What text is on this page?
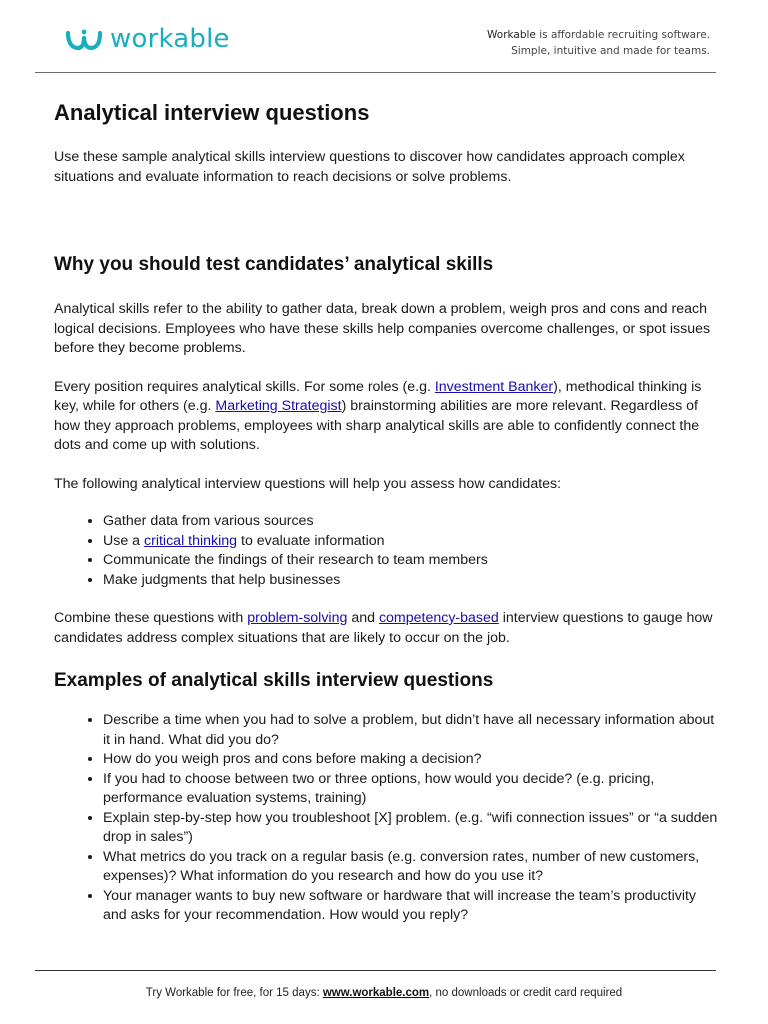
workable	Workable is affordable recruiting software.
Simple, intuitive and made for teams.
Analytical interview questions

Use these sample analytical skills interview questions to discover how candidates approach complex situations and evaluate information to reach decisions or solve problems.

Why you should test candidates’ analytical skills

Analytical skills refer to the ability to gather data, break down a problem, weigh pros and cons and reach logical decisions. Employees who have these skills help companies overcome challenges, or spot issues before they become problems.

Every position requires analytical skills. For some roles (e.g. Investment Banker), methodical thinking is key, while for others (e.g. Marketing Strategist) brainstorming abilities are more relevant. Regardless of how they approach problems, employees with sharp analytical skills are able to confidently connect the dots and come up with solutions.

The following analytical interview questions will help you assess how candidates:

• Gather data from various sources
• Use a critical thinking to evaluate information
• Communicate the findings of their research to team members
• Make judgments that help businesses

Combine these questions with problem-solving and competency-based interview questions to gauge how candidates address complex situations that are likely to occur on the job.

Examples of analytical skills interview questions
• Describe a time when you had to solve a problem, but didn’t have all necessary information about it in hand. What did you do?
• How do you weigh pros and cons before making a decision?
• If you had to choose between two or three options, how would you decide? (e.g. pricing, performance evaluation systems, training)
• Explain step-by-step how you troubleshoot [X] problem. (e.g. “wifi connection issues” or “a sudden drop in sales”)
• What metrics do you track on a regular basis (e.g. conversion rates, number of new customers, expenses)? What information do you research and how do you use it?
• Your manager wants to buy new software or hardware that will increase the team’s productivity and asks for your recommendation. How would you reply?
Try Workable for free, for 15 days: www.workable.com, no downloads or credit card required
